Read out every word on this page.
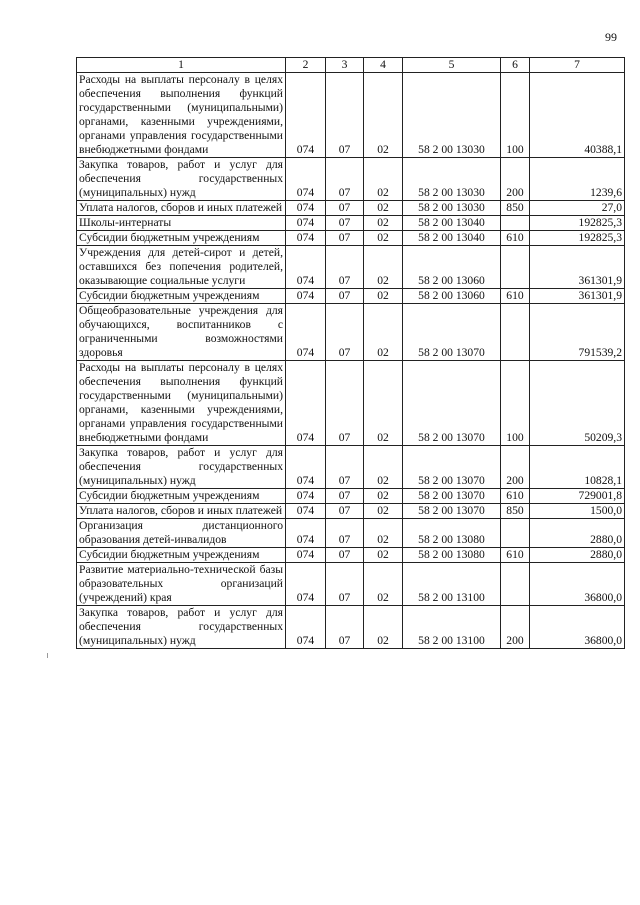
99
1	2	3	4	5	6	7
Расходы на выплаты персоналу в целях обеспечения выполнения функций государственными (муниципальными) органами, казенными учреждениями, органами управления государственными внебюджетными фондами	074	07	02	58 2 00 13030	100	40388,1
Закупка товаров, работ и услуг для обеспечения государственных (муниципальных) нужд	074	07	02	58 2 00 13030	200	1239,6
Уплата налогов, сборов и иных платежей	074	07	02	58 2 00 13030	850	27,0
Школы-интернаты	074	07	02	58 2 00 13040		192825,3
Субсидии бюджетным учреждениям	074	07	02	58 2 00 13040	610	192825,3
Учреждения для детей-сирот и детей, оставшихся без попечения родителей, оказывающие социальные услуги	074	07	02	58 2 00 13060		361301,9
Субсидии бюджетным учреждениям	074	07	02	58 2 00 13060	610	361301,9
Общеобразовательные учреждения для обучающихся, воспитанников с ограниченными возможностями здоровья	074	07	02	58 2 00 13070		791539,2
Расходы на выплаты персоналу в целях обеспечения выполнения функций государственными (муниципальными) органами, казенными учреждениями, органами управления государственными внебюджетными фондами	074	07	02	58 2 00 13070	100	50209,3
Закупка товаров, работ и услуг для обеспечения государственных (муниципальных) нужд	074	07	02	58 2 00 13070	200	10828,1
Субсидии бюджетным учреждениям	074	07	02	58 2 00 13070	610	729001,8
Уплата налогов, сборов и иных платежей	074	07	02	58 2 00 13070	850	1500,0
Организация дистанционного образования детей-инвалидов	074	07	02	58 2 00 13080		2880,0
Субсидии бюджетным учреждениям	074	07	02	58 2 00 13080	610	2880,0
Развитие материально-технической базы образовательных организаций (учреждений) края	074	07	02	58 2 00 13100		36800,0
Закупка товаров, работ и услуг для обеспечения государственных (муниципальных) нужд	074	07	02	58 2 00 13100	200	36800,0
